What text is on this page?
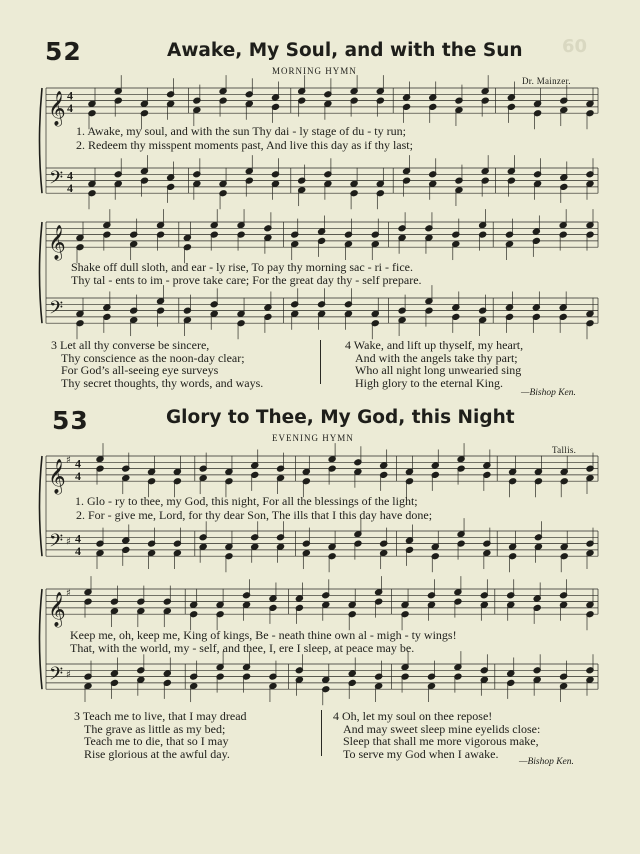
60
52	Awake, My Soul, and with the Sun
MORNING HYMN
Dr. Mainzer.
𝄞
𝄢
4
4
4
4
𝄞
𝄢
𝄞
𝄢
♯
♯
4
4
4
4
𝄞
𝄢
♯
♯
1. Awake, my soul, and with the sun Thy dai - ly stage of du - ty run;
2. Redeem thy misspent moments past, And live this day as if thy last;
Shake off dull sloth, and ear - ly rise, To pay thy morning sac - ri - fice.
Thy tal - ents to im - prove take care; For the great day thy - self prepare.
3 Let all thy converse be sincere,
Thy conscience as the noon-day clear;
For God’s all-seeing eye surveys
Thy secret thoughts, thy words, and ways.
4 Wake, and lift up thyself, my heart,
And with the angels take thy part;
Who all night long unwearied sing
High glory to the eternal King.
—Bishop Ken.
53	Glory to Thee, My God, this Night
EVENING HYMN
Tallis.
1. Glo - ry to thee, my God, this night, For all the blessings of the light;
2. For - give me, Lord, for thy dear Son, The ills that I this day have done;
Keep me, oh, keep me, King of kings, Be - neath thine own al - migh - ty wings!
That, with the world, my - self, and thee, I, ere I sleep, at peace may be.
3 Teach me to live, that I may dread
The grave as little as my bed;
Teach me to die, that so I may
Rise glorious at the awful day.
4 Oh, let my soul on thee repose!
And may sweet sleep mine eyelids close:
Sleep that shall me more vigorous make,
To serve my God when I awake.
—Bishop Ken.
